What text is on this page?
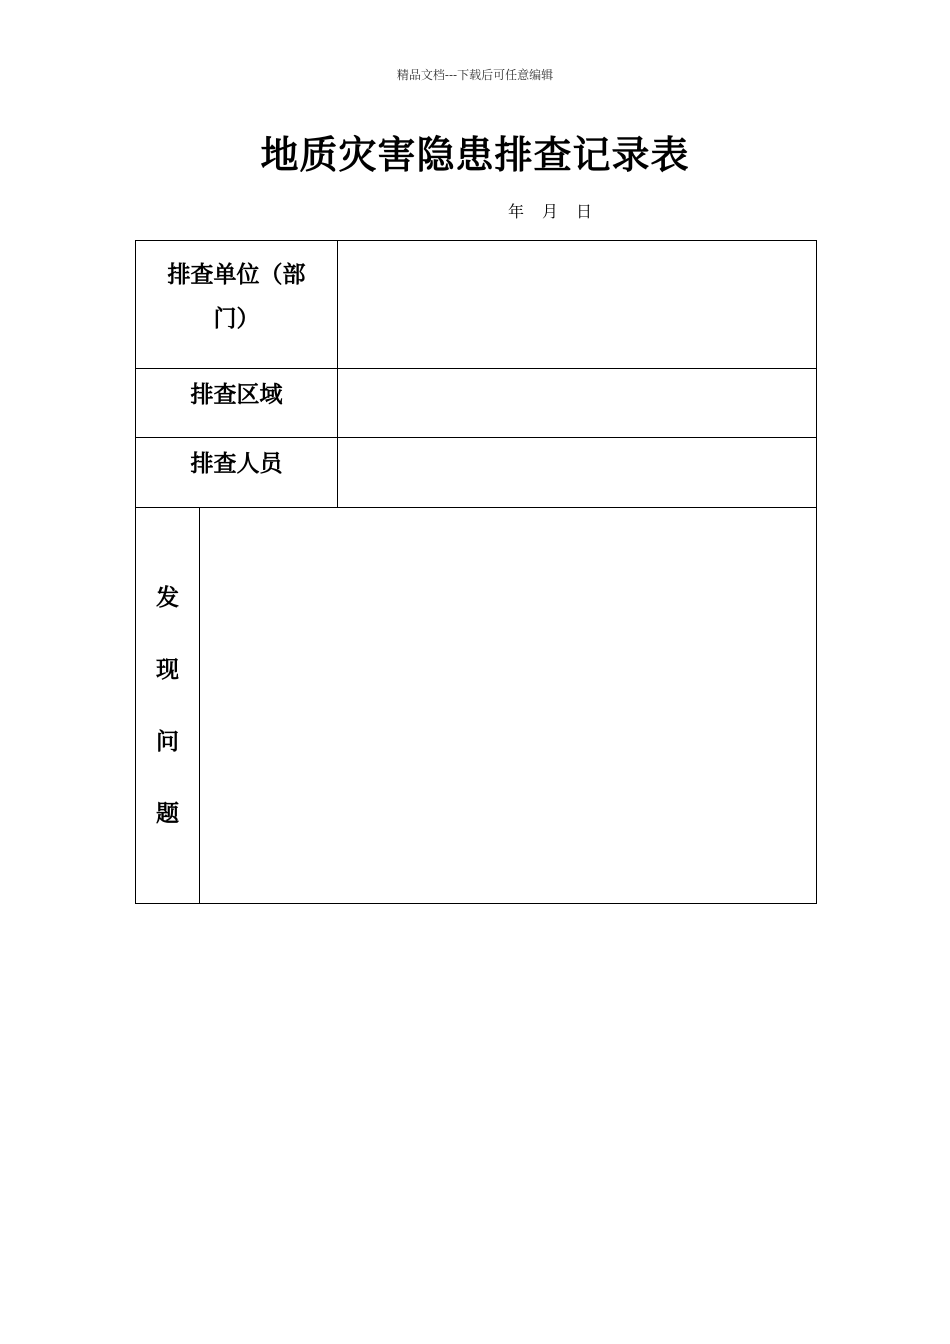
精品文档---下载后可任意编辑
地质灾害隐患排查记录表
年 月 日
排查单位（部
门）		

排查区域		
排查人员		

发
现
问
题		
